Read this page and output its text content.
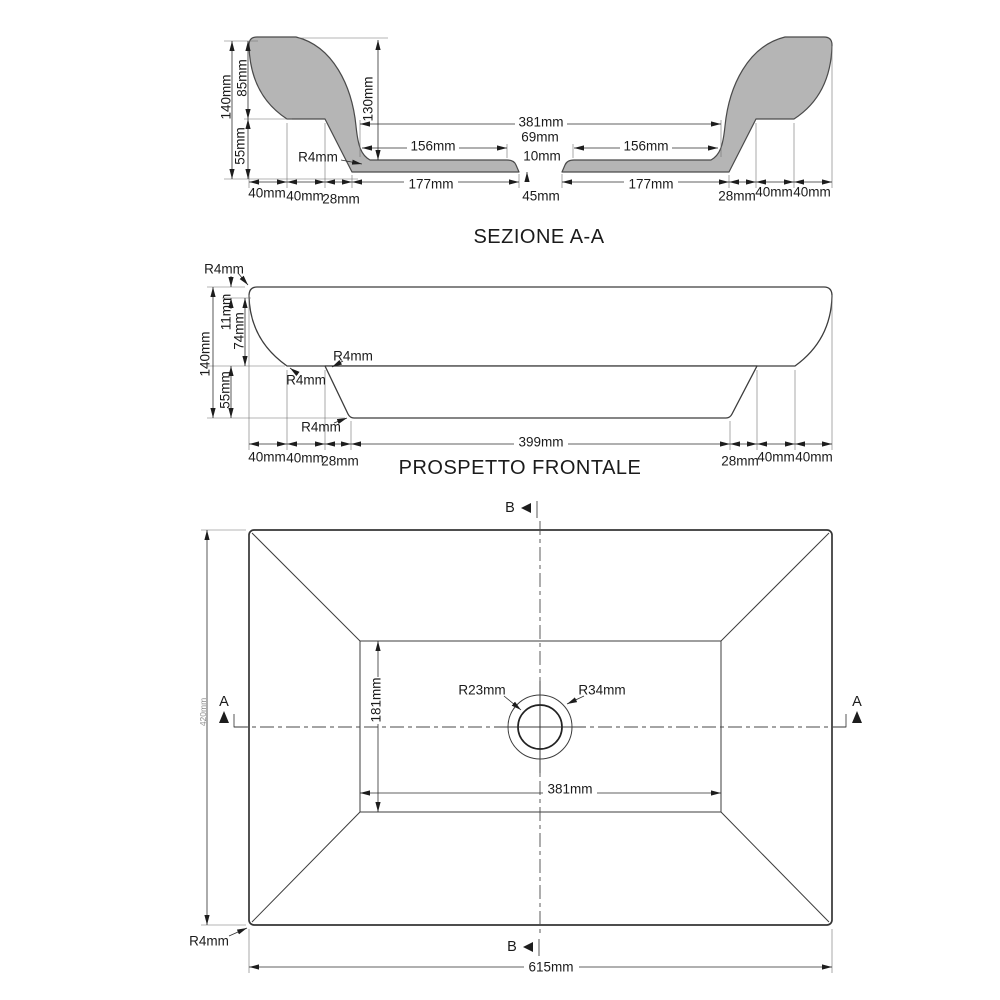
140mm 85mm
55mm
130mm
381mm
69mm
10mm
156mm	156mm
177mm	177mm
45mm
R4mm
40mm 40mm
28mm	28mm 40mm 40mm
SEZIONE A-A
140mm
11mm
74mm
55mm
R4mm
R4mm
R4mm
R4mm
399mm
40mm 40mm
28mm	28mm
40mm 40mm
PROSPETTO FRONTALE
181mm
381mm
420mm
615mm
R23mm	R34mm
R4mm
A	A
B
B
